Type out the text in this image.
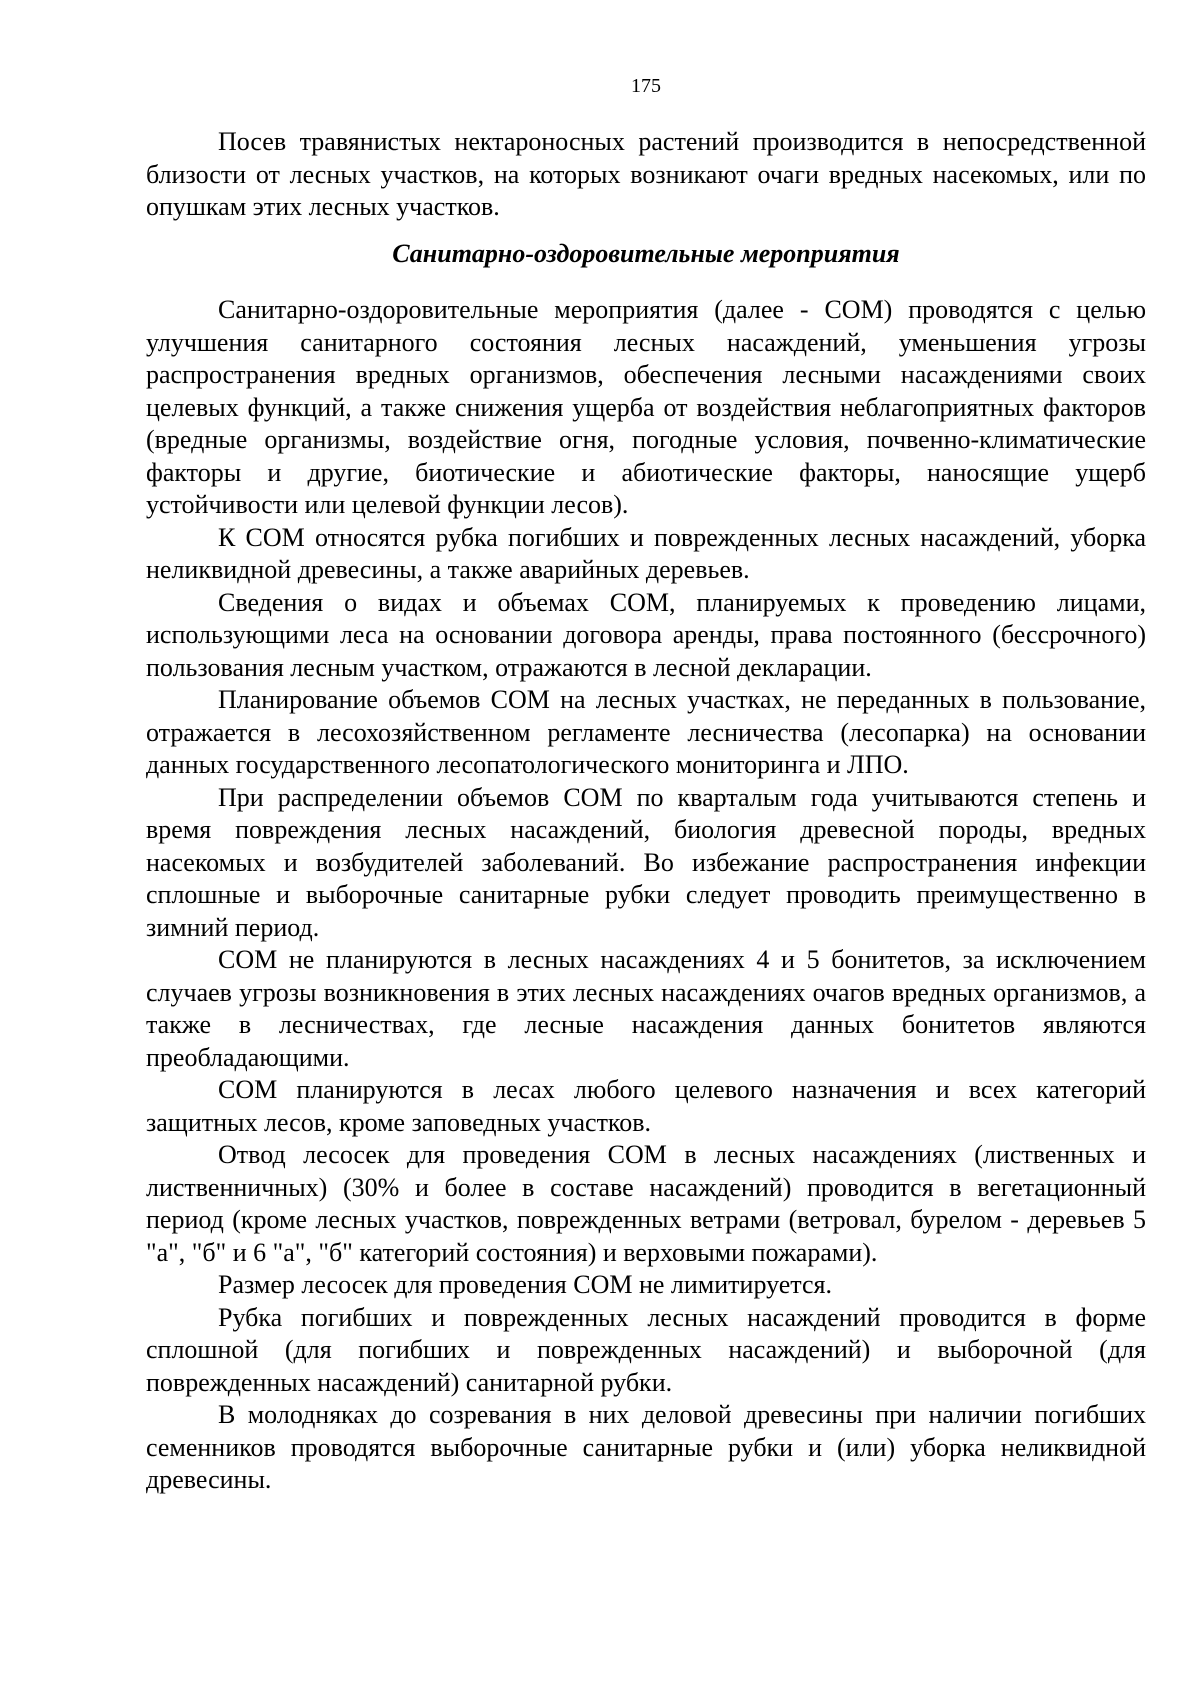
175

Посев травянистых нектароносных растений производится в непосредственной близости от лесных участков, на которых возникают очаги вредных насекомых, или по опушкам этих лесных участков.

Санитарно-оздоровительные мероприятия

Санитарно-оздоровительные мероприятия (далее - СОМ) проводятся с целью улучшения санитарного состояния лесных насаждений, уменьшения угрозы распространения вредных организмов, обеспечения лесными насаждениями своих целевых функций, а также снижения ущерба от воздействия неблагоприятных факторов (вредные организмы, воздействие огня, погодные условия, почвенно-климатические факторы и другие, биотические и абиотические факторы, наносящие ущерб устойчивости или целевой функции лесов).

К СОМ относятся рубка погибших и поврежденных лесных насаждений, уборка неликвидной древесины, а также аварийных деревьев.

Сведения о видах и объемах СОМ, планируемых к проведению лицами, использующими леса на основании договора аренды, права постоянного (бессрочного) пользования лесным участком, отражаются в лесной декларации.

Планирование объемов СОМ на лесных участках, не переданных в пользование, отражается в лесохозяйственном регламенте лесничества (лесопарка) на основании данных государственного лесопатологического мониторинга и ЛПО.

При распределении объемов СОМ по кварталым года учитываются степень и время повреждения лесных насаждений, биология древесной породы, вредных насекомых и возбудителей заболеваний. Во избежание распространения инфекции сплошные и выборочные санитарные рубки следует проводить преимущественно в зимний период.

СОМ не планируются в лесных насаждениях 4 и 5 бонитетов, за исключением случаев угрозы возникновения в этих лесных насаждениях очагов вредных организмов, а также в лесничествах, где лесные насаждения данных бонитетов являются преобладающими.

СОМ планируются в лесах любого целевого назначения и всех категорий защитных лесов, кроме заповедных участков.

Отвод лесосек для проведения СОМ в лесных насаждениях (лиственных и лиственничных) (30% и более в составе насаждений) проводится в вегетационный период (кроме лесных участков, поврежденных ветрами (ветровал, бурелом - деревьев 5 "а", "б" и 6 "а", "б" категорий состояния) и верховыми пожарами).

Размер лесосек для проведения СОМ не лимитируется.

Рубка погибших и поврежденных лесных насаждений проводится в форме сплошной (для погибших и поврежденных насаждений) и выборочной (для поврежденных насаждений) санитарной рубки.

В молодняках до созревания в них деловой древесины при наличии погибших семенников проводятся выборочные санитарные рубки и (или) уборка неликвидной древесины.
